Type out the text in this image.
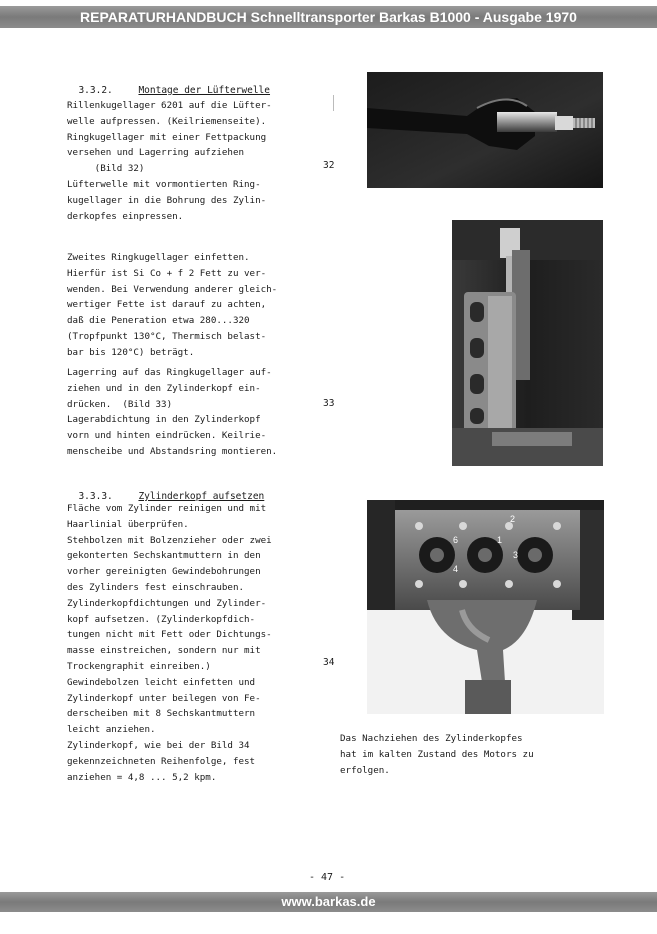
REPARATURHANDBUCH Schnelltransporter Barkas B1000 - Ausgabe 1970

3.3.2.	Montage der Lüfterwelle

Rillenkugellager 6201 auf die Lüfter-
welle aufpressen. (Keilriemenseite).
Ringkugellager mit einer Fettpackung
versehen und Lagerring aufziehen
(Bild 32)
Lüfterwelle mit vormontierten Ring-
kugellager in die Bohrung des Zylin-
derkopfes einpressen.
Zweites Ringkugellager einfetten.
Hierfür ist Si Co + f 2 Fett zu ver-
wenden. Bei Verwendung anderer gleich-
wertiger Fette ist darauf zu achten,
daß die Peneration etwa 280...320
(Tropfpunkt 130°C, Thermisch belast-
bar bis 120°C) beträgt.
Lagerring auf das Ringkugellager auf-
ziehen und in den Zylinderkopf ein-
drücken.  (Bild 33)
Lagerabdichtung in den Zylinderkopf
vorn und hinten eindrücken. Keilrie-
menscheibe und Abstandsring montieren.

3.3.3.	Zylinderkopf aufsetzen

Fläche vom Zylinder reinigen und mit
Haarlinial überprüfen.
Stehbolzen mit Bolzenzieher oder zwei
gekonterten Sechskantmuttern in den
vorher gereinigten Gewindebohrungen
des Zylinders fest einschrauben.
Zylinderkopfdichtungen und Zylinder-
kopf aufsetzen. (Zylinderkopfdich-
tungen nicht mit Fett oder Dichtungs-
masse einstreichen, sondern nur mit
Trockengraphit einreiben.)
Gewindebolzen leicht einfetten und
Zylinderkopf unter beilegen von Fe-
derscheiben mit 8 Sechskantmuttern
leicht anziehen.
Zylinderkopf, wie bei der Bild 34
gekennzeichneten Reihenfolge, fest
anziehen = 4,8 ... 5,2 kpm.
32
33
34
6
2
4
1
3
Das Nachziehen des Zylinderkopfes
hat im kalten Zustand des Motors zu
erfolgen.
- 47 -
www.barkas.de
